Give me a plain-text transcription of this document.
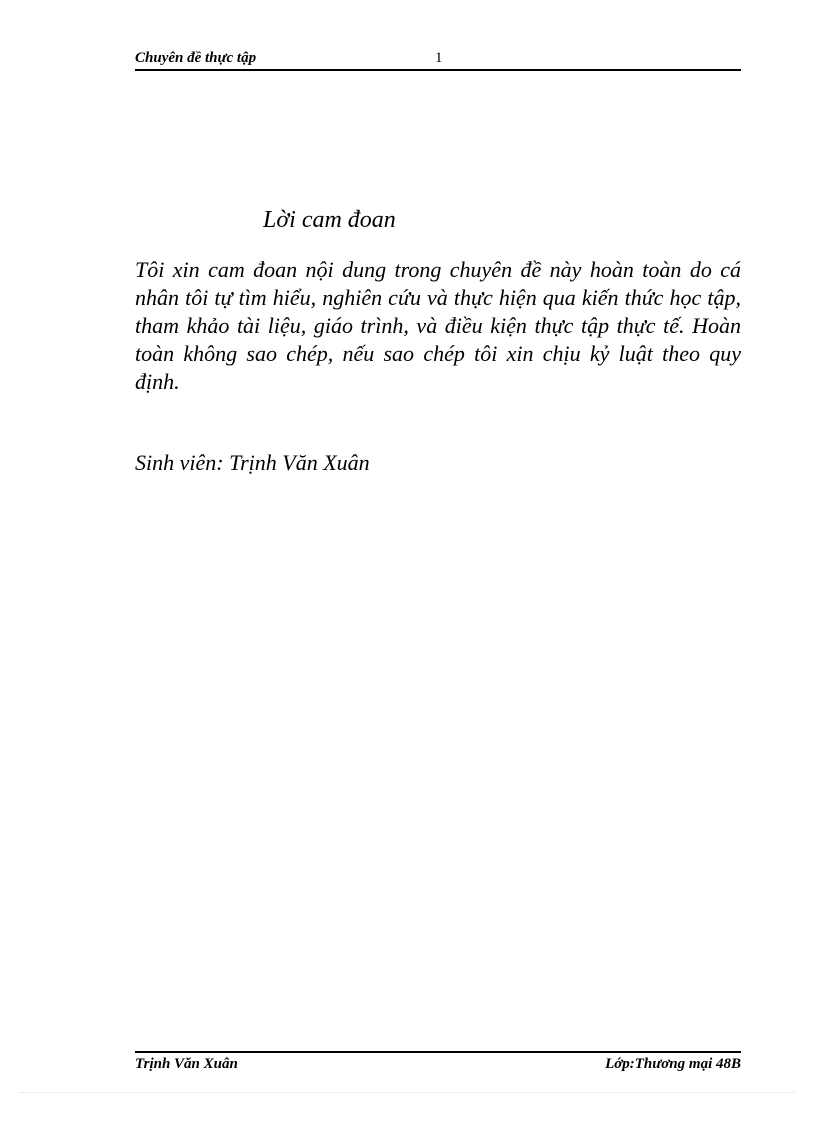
Chuyên đề thực tập	1
Lời cam đoan
Tôi xin cam đoan nội dung trong chuyên đề này hoàn toàn do cá nhân tôi tự tìm hiểu, nghiên cứu và thực hiện qua kiến thức học tập, tham khảo tài liệu, giáo trình, và điều kiện thực tập thực tế. Hoàn toàn không sao chép, nếu sao chép tôi xin chịu kỷ luật theo quy định.
Sinh viên: Trịnh Văn Xuân
Trịnh Văn Xuân	Lớp:Thương mại 48B
